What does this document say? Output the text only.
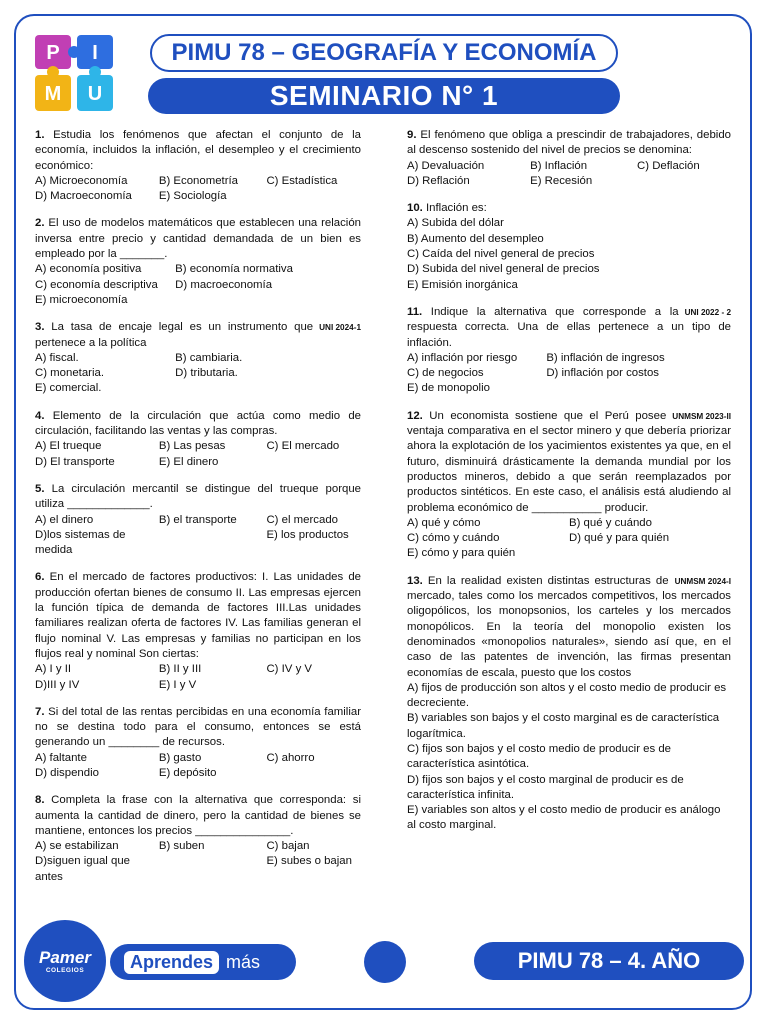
P I
M U
PIMU 78 – GEOGRAFÍA Y ECONOMÍA
SEMINARIO N° 1
1. Estudia los fenómenos que afectan el conjunto de la economía, incluidos la inflación, el desempleo y el crecimiento económico:
A) Microeconomía	B) Econometría	C) Estadística
D) Macroeconomía	E) Sociología
2. El uso de modelos matemáticos que establecen una relación inversa entre precio y cantidad demandada de un bien es empleado por la _______.
A) economía positiva	B) economía normativa
C) economía descriptiva	D) macroeconomía
E) microeconomía
UNI 2024-1
3. La tasa de encaje legal es un instrumento que pertenece a la política
A) fiscal.	B) cambiaria.
C) monetaria.	D) tributaria.
E) comercial.
4. Elemento de la circulación que actúa como medio de circulación, facilitando las ventas y las compras.
A) El trueque	B) Las pesas	C) El mercado
D) El transporte	E) El dinero
5. La circulación mercantil se distingue del trueque porque utiliza _____________.
A) el dinero	B) el transporte	C) el mercado
D)los sistemas de medida
E) los productos
6. En el mercado de factores productivos: I. Las unidades de producción ofertan bienes de consumo II. Las empresas ejercen la función típica de demanda de factores III.Las unidades familiares realizan oferta de factores IV. Las familias generan el flujo nominal V. Las empresas y familias no participan en los flujos real y nominal Son ciertas:
A) I y II	B) II y III	C) IV y V
D)III y IV	E) I y V
7. Si del total de las rentas percibidas en una economía familiar no se destina todo para el consumo, entonces se está generando un ________ de recursos.
A) faltante	B) gasto	C) ahorro
D) dispendio	E) depósito
8. Completa la frase con la alternativa que corresponda: si aumenta la cantidad de dinero, pero la cantidad de bienes se mantiene, entonces los precios _______________.
A) se estabilizan	B) suben	C) bajan
D)siguen igual que antes
E) subes o bajan
9. El fenómeno que obliga a prescindir de trabajadores, debido al descenso sostenido del nivel de precios se denomina:
A) Devaluación	B) Inflación	C) Deflación
D) Reflación	E) Recesión
10. Inflación es:
A) Subida del dólar
B) Aumento del desempleo
C) Caída del nivel general de precios
D) Subida del nivel general de precios
E) Emisión inorgánica
UNI 2022 - 2
11. Indique la alternativa que corresponde a la respuesta correcta. Una de ellas pertenece a un tipo de inflación.
A) inflación por riesgo	B) inflación de ingresos
C) de negocios	D) inflación por costos
E) de monopolio
UNMSM 2023-II
12. Un economista sostiene que el Perú posee ventaja comparativa en el sector minero y que debería priorizar ahora la explotación de los yacimientos existentes ya que, en el futuro, disminuirá drásticamente la demanda mundial por los productos mineros, debido a que serán reemplazados por productos sintéticos. En este caso, el análisis está aludiendo al problema económico de ___________ producir.
A) qué y cómo	B) qué y cuándo
C) cómo y cuándo	D) qué y para quién
E) cómo y para quién
UNMSM 2024-I
13. En la realidad existen distintas estructuras de mercado, tales como los mercados competitivos, los mercados oligopólicos, los monopsonios, los carteles y los mercados monopólicos. En la teoría del monopolio existen los denominados «monopolios naturales», siendo así que, en el caso de las patentes de invención, las firmas presentan economías de escala, puesto que los costos
A) fijos de producción son altos y el costo medio de producir es decreciente.
B) variables son bajos y el costo marginal es de característica logarítmica.
C) fijos son bajos y el costo medio de producir es de característica asintótica.
D) fijos son bajos y el costo marginal de producir es de característica infinita.
E) variables son altos y el costo medio de producir es análogo al costo marginal.
Pamer
COLEGIOS	Aprendes más	PIMU 78 – 4. AÑO
